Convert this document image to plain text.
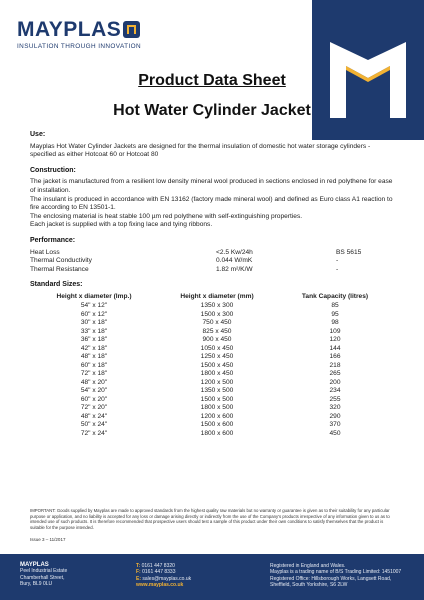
MAYPLAS
INSULATION THROUGH INNOVATION
Product Data Sheet
Hot Water Cylinder Jacket
Use:

Mayplas Hot Water Cylinder Jackets are designed for the thermal insulation of domestic hot water storage cylinders - specified as either Hotcoat 60 or Hotcoat 80

Construction:

The jacket is manufactured from a resilient low density mineral wool produced in sections enclosed in red polythene for ease of installation.

The insulant is produced in accordance with EN 13162 (factory made mineral wool) and defined as Euro class A1 reaction to fire according to EN 13501-1.

The enclosing material is heat stable 100 µm red polythene with self-extinguishing properties.

Each jacket is supplied with a top fixing lace and tying ribbons.

Performance:
Heat Loss	<2.5 Kw/24h	BS 5615
Thermal Conductivity	0.044 W/mK	-
Thermal Resistance	1.82 m²/K/W	-
Standard Sizes:
Height x diameter (Imp.)	Height x diameter (mm)	Tank Capacity (litres)
54" x 12"	1350 x 300	85
60" x 12"	1500 x 300	95
30" x 18"	750 x 450	98
33" x 18"	825 x 450	109
36" x 18"	900 x 450	120
42" x 18"	1050 x 450	144
48" x 18"	1250 x 450	166
60" x 18"	1500 x 450	218
72" x 18"	1800 x 450	265
48" x 20"	1200 x 500	200
54" x 20"	1350 x 500	234
60" x 20"	1500 x 500	255
72" x 20"	1800 x 500	320
48" x 24"	1200 x 600	290
50" x 24"	1500 x 600	370
72" x 24"	1800 x 600	450
IMPORTANT: Goods supplied by Mayplas are made to approved standards from the highest quality raw materials but no warranty or guarantee is given as to their suitability for any particular purpose or application, and no liability is accepted for any loss or damage arising directly or indirectly from the use of the Company's products irrespective of any information given to us as to intended use of such products. It is therefore recommended that prospective users should test a sample of this product under their own conditions to satisfy themselves that the product is suitable for the purpose intended.
Issue 3 – 11/2017
MAYPLAS
Peel Industrial Estate
Chamberhall Street,
Bury, BL9 0LU
T: 0161 447 8320
F: 0161 447 8333
E: sales@mayplas.co.uk
www.mayplas.co.uk
Registered in England and Wales.
Mayplas is a trading name of B/S Trading Limited: 1451007
Registered Office: Hillsborough Works, Langsett Road,
Sheffield, South Yorkshire, S6 2LW
